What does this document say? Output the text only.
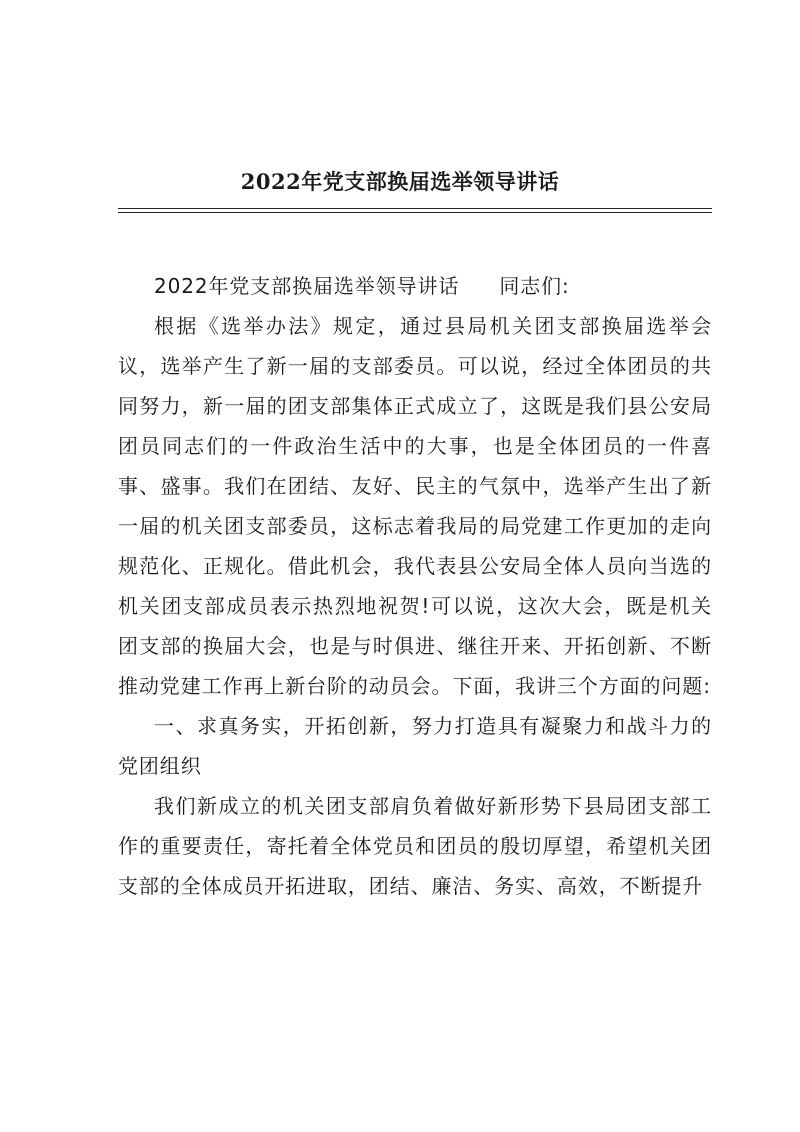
2022年党支部换届选举领导讲话

2022年党支部换届选举领导讲话 同志们:

根据《选举办法》规定，通过县局机关团支部换届选举会议，选举产生了新一届的支部委员。可以说，经过全体团员的共同努力，新一届的团支部集体正式成立了，这既是我们县公安局团员同志们的一件政治生活中的大事，也是全体团员的一件喜事、盛事。我们在团结、友好、民主的气氛中，选举产生出了新一届的机关团支部委员，这标志着我局的局党建工作更加的走向规范化、正规化。借此机会，我代表县公安局全体人员向当选的机关团支部成员表示热烈地祝贺!可以说，这次大会，既是机关团支部的换届大会，也是与时俱进、继往开来、开拓创新、不断推动党建工作再上新台阶的动员会。下面，我讲三个方面的问题:

一、求真务实，开拓创新，努力打造具有凝聚力和战斗力的党团组织

我们新成立的机关团支部肩负着做好新形势下县局团支部工作的重要责任，寄托着全体党员和团员的殷切厚望，希望机关团支部的全体成员开拓进取，团结、廉洁、务实、高效，不断提升
